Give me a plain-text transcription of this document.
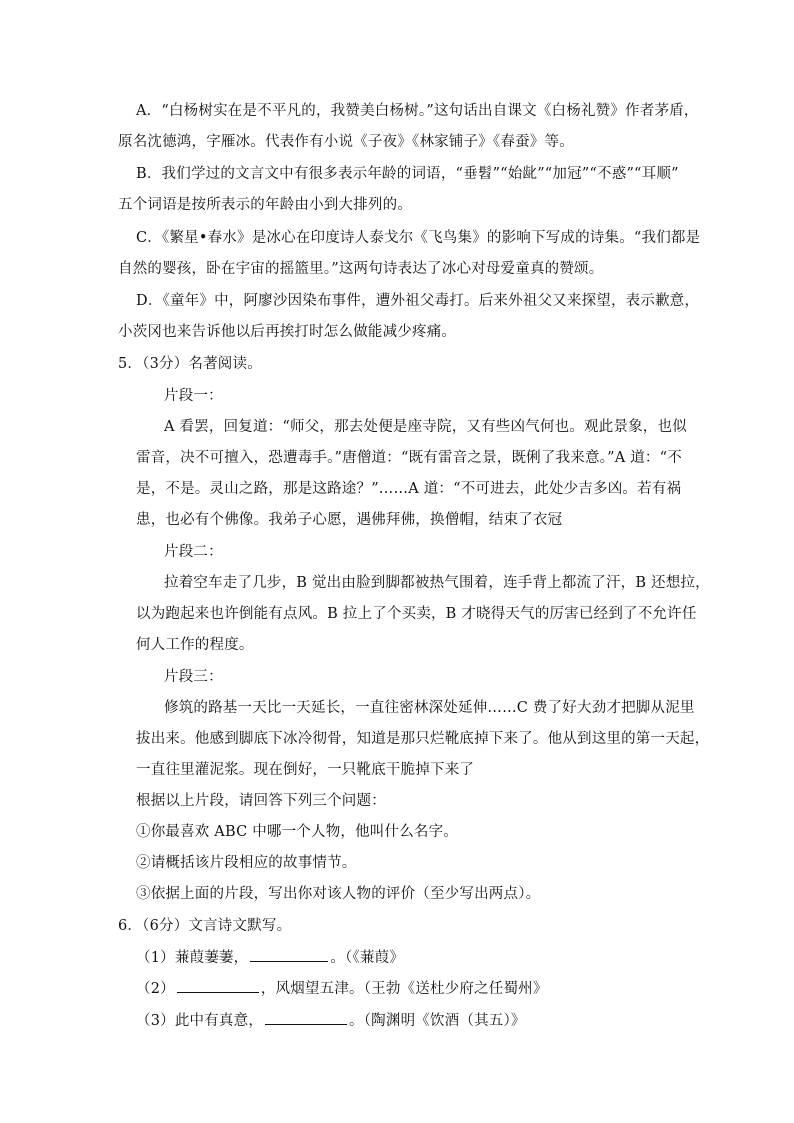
A．“白杨树实在是不平凡的，我赞美白杨树。”这句话出自课文《白杨礼赞》作者茅盾，
原名沈德鸿，字雁冰。代表作有小说《子夜》《林家铺子》《春蚕》等。
B．我们学过的文言文中有很多表示年龄的词语，“垂髫”“始龀”“加冠”“不惑”“耳顺”
五个词语是按所表示的年龄由小到大排列的。
C．《繁星•春水》是冰心在印度诗人泰戈尔《飞鸟集》的影响下写成的诗集。“我们都是
自然的婴孩，卧在宇宙的摇篮里。”这两句诗表达了冰心对母爱童真的赞颂。
D．《童年》中，阿廖沙因染布事件，遭外祖父毒打。后来外祖父又来探望，表示歉意，
小茨冈也来告诉他以后再挨打时怎么做能减少疼痛。
5．（3分）名著阅读。
片段一：
A 看罢，回复道：“师父，那去处便是座寺院，又有些凶气何也。观此景象，也似
雷音，决不可擅入，恐遭毒手。”唐僧道：“既有雷音之景，既俐了我来意。”A 道：“不
是，不是。灵山之路，那是这路途？”……A 道：“不可进去，此处少吉多凶。若有祸
患，也必有个佛像。我弟子心愿，遇佛拜佛，换僧帽，结束了衣冠
片段二：
拉着空车走了几步，B 觉出由脸到脚都被热气围着，连手背上都流了汗，B 还想拉，
以为跑起来也许倒能有点风。B 拉上了个买卖，B 才晓得天气的厉害已经到了不允许任
何人工作的程度。
片段三：
修筑的路基一天比一天延长，一直往密林深处延伸……C 费了好大劲才把脚从泥里
拔出来。他感到脚底下冰冷彻骨，知道是那只烂靴底掉下来了。他从到这里的第一天起，
一直往里灌泥浆。现在倒好，一只靴底干脆掉下来了
根据以上片段，请回答下列三个问题：
①你最喜欢 ABC 中哪一个人物，他叫什么名字。
②请概括该片段相应的故事情节。
③依据上面的片段，写出你对该人物的评价（至少写出两点）。
6．（6分）文言诗文默写。
（1）蒹葭萋萋，	。（《蒹葭》
（2）	，风烟望五津。（王勃《送杜少府之任蜀州》
（3）此中有真意，	。（陶渊明《饮酒（其五）》
